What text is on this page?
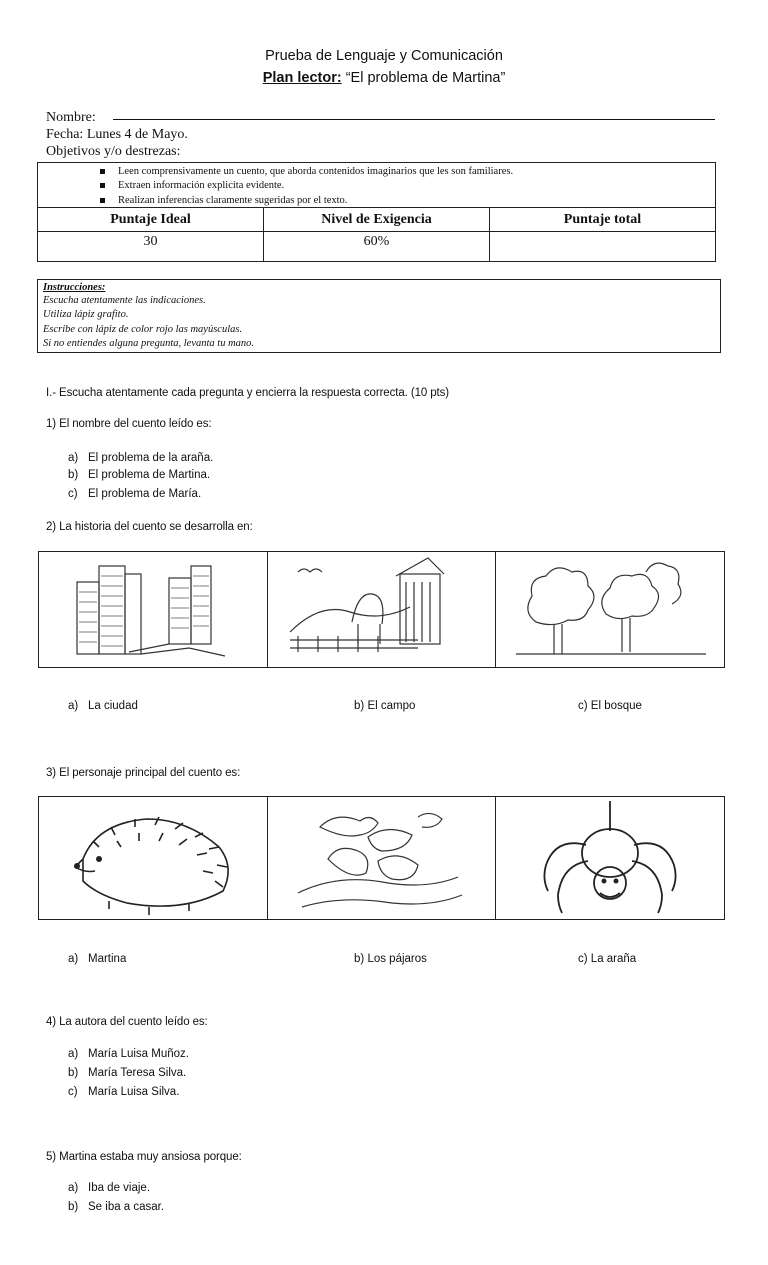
Prueba de Lenguaje y Comunicación
Plan lector: “El problema de Martina”
Nombre:
Fecha: Lunes 4 de Mayo.
Objetivos y/o destrezas:
Leen comprensivamente un cuento, que aborda contenidos imaginarios que les son familiares.
Extraen información explicita evidente.
Realizan inferencias claramente sugeridas por el texto.
Puntaje Ideal	Nivel de Exigencia	Puntaje total
30	60%	
Instrucciones:
Escucha atentamente las indicaciones.
Utiliza lápiz grafito.
Escribe con lápiz de color rojo las mayúsculas.
Si no entiendes alguna pregunta, levanta tu mano.
I.- Escucha atentamente cada pregunta y encierra la respuesta correcta. (10 pts)
1) El nombre del cuento leído es:
a) El problema de la araña.
b) El problema de Martina.
c) El problema de María.
2) La historia del cuento se desarrolla en:
a) La ciudad	b) El campo	c) El bosque
3) El personaje principal del cuento es:
a) Martina	b) Los pájaros	c) La araña
4) La autora del cuento leído es:
a) María Luisa Muñoz.
b) María Teresa Silva.
c) María Luisa Silva.
5) Martina estaba muy ansiosa porque:
a) Iba de viaje.
b) Se iba a casar.
